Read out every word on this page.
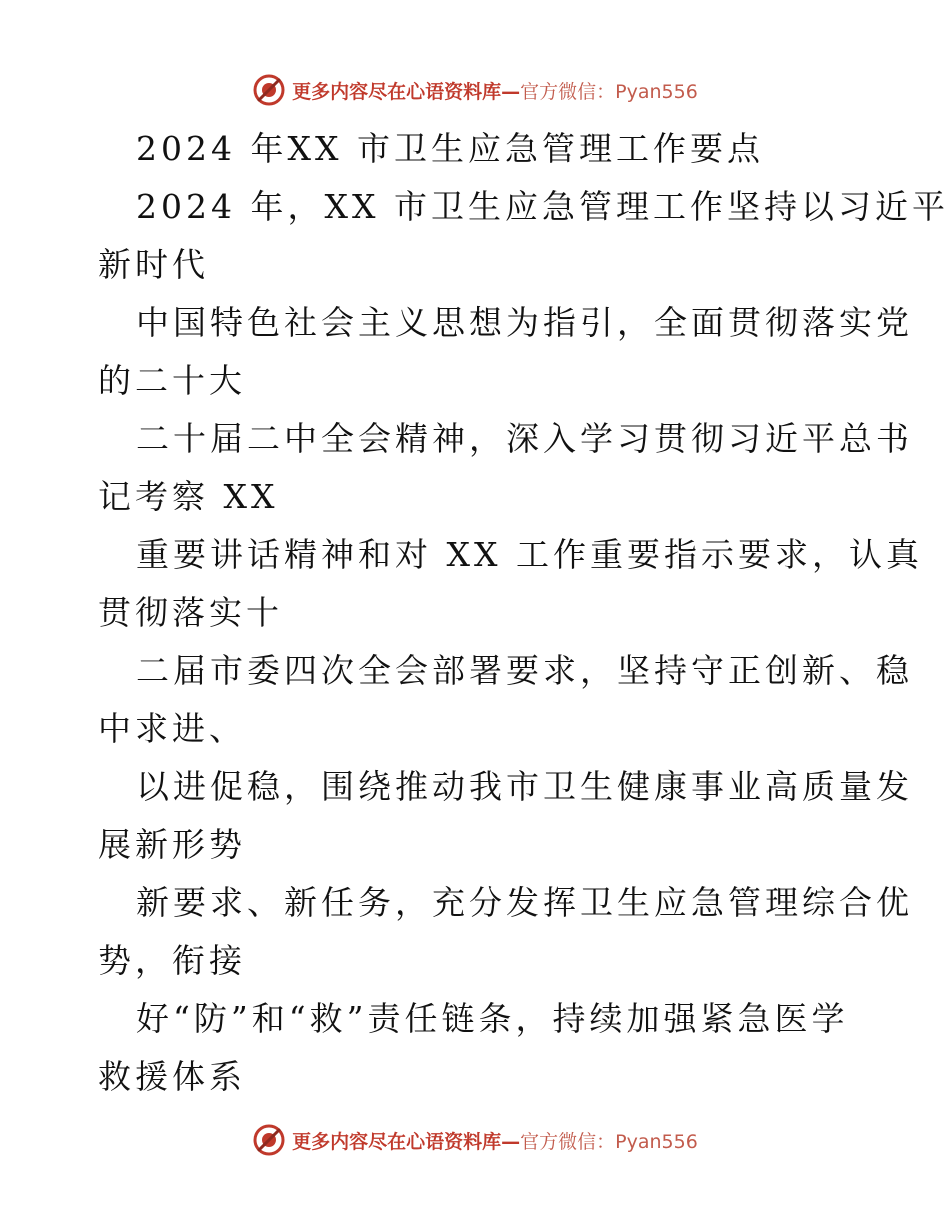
更多内容尽在心语资料库—官方微信：Pyan556
2024 年XX 市卫生应急管理工作要点
2024 年，XX 市卫生应急管理工作坚持以习近平
新时代
中国特色社会主义思想为指引，全面贯彻落实党
的二十大
二十届二中全会精神，深入学习贯彻习近平总书
记考察 XX
重要讲话精神和对 XX 工作重要指示要求，认真
贯彻落实十
二届市委四次全会部署要求，坚持守正创新、稳
中求进、
以进促稳，围绕推动我市卫生健康事业高质量发
展新形势
新要求、新任务，充分发挥卫生应急管理综合优
势，衔接
好“防”和“救”责任链条，持续加强紧急医学
救援体系
更多内容尽在心语资料库—官方微信：Pyan556
